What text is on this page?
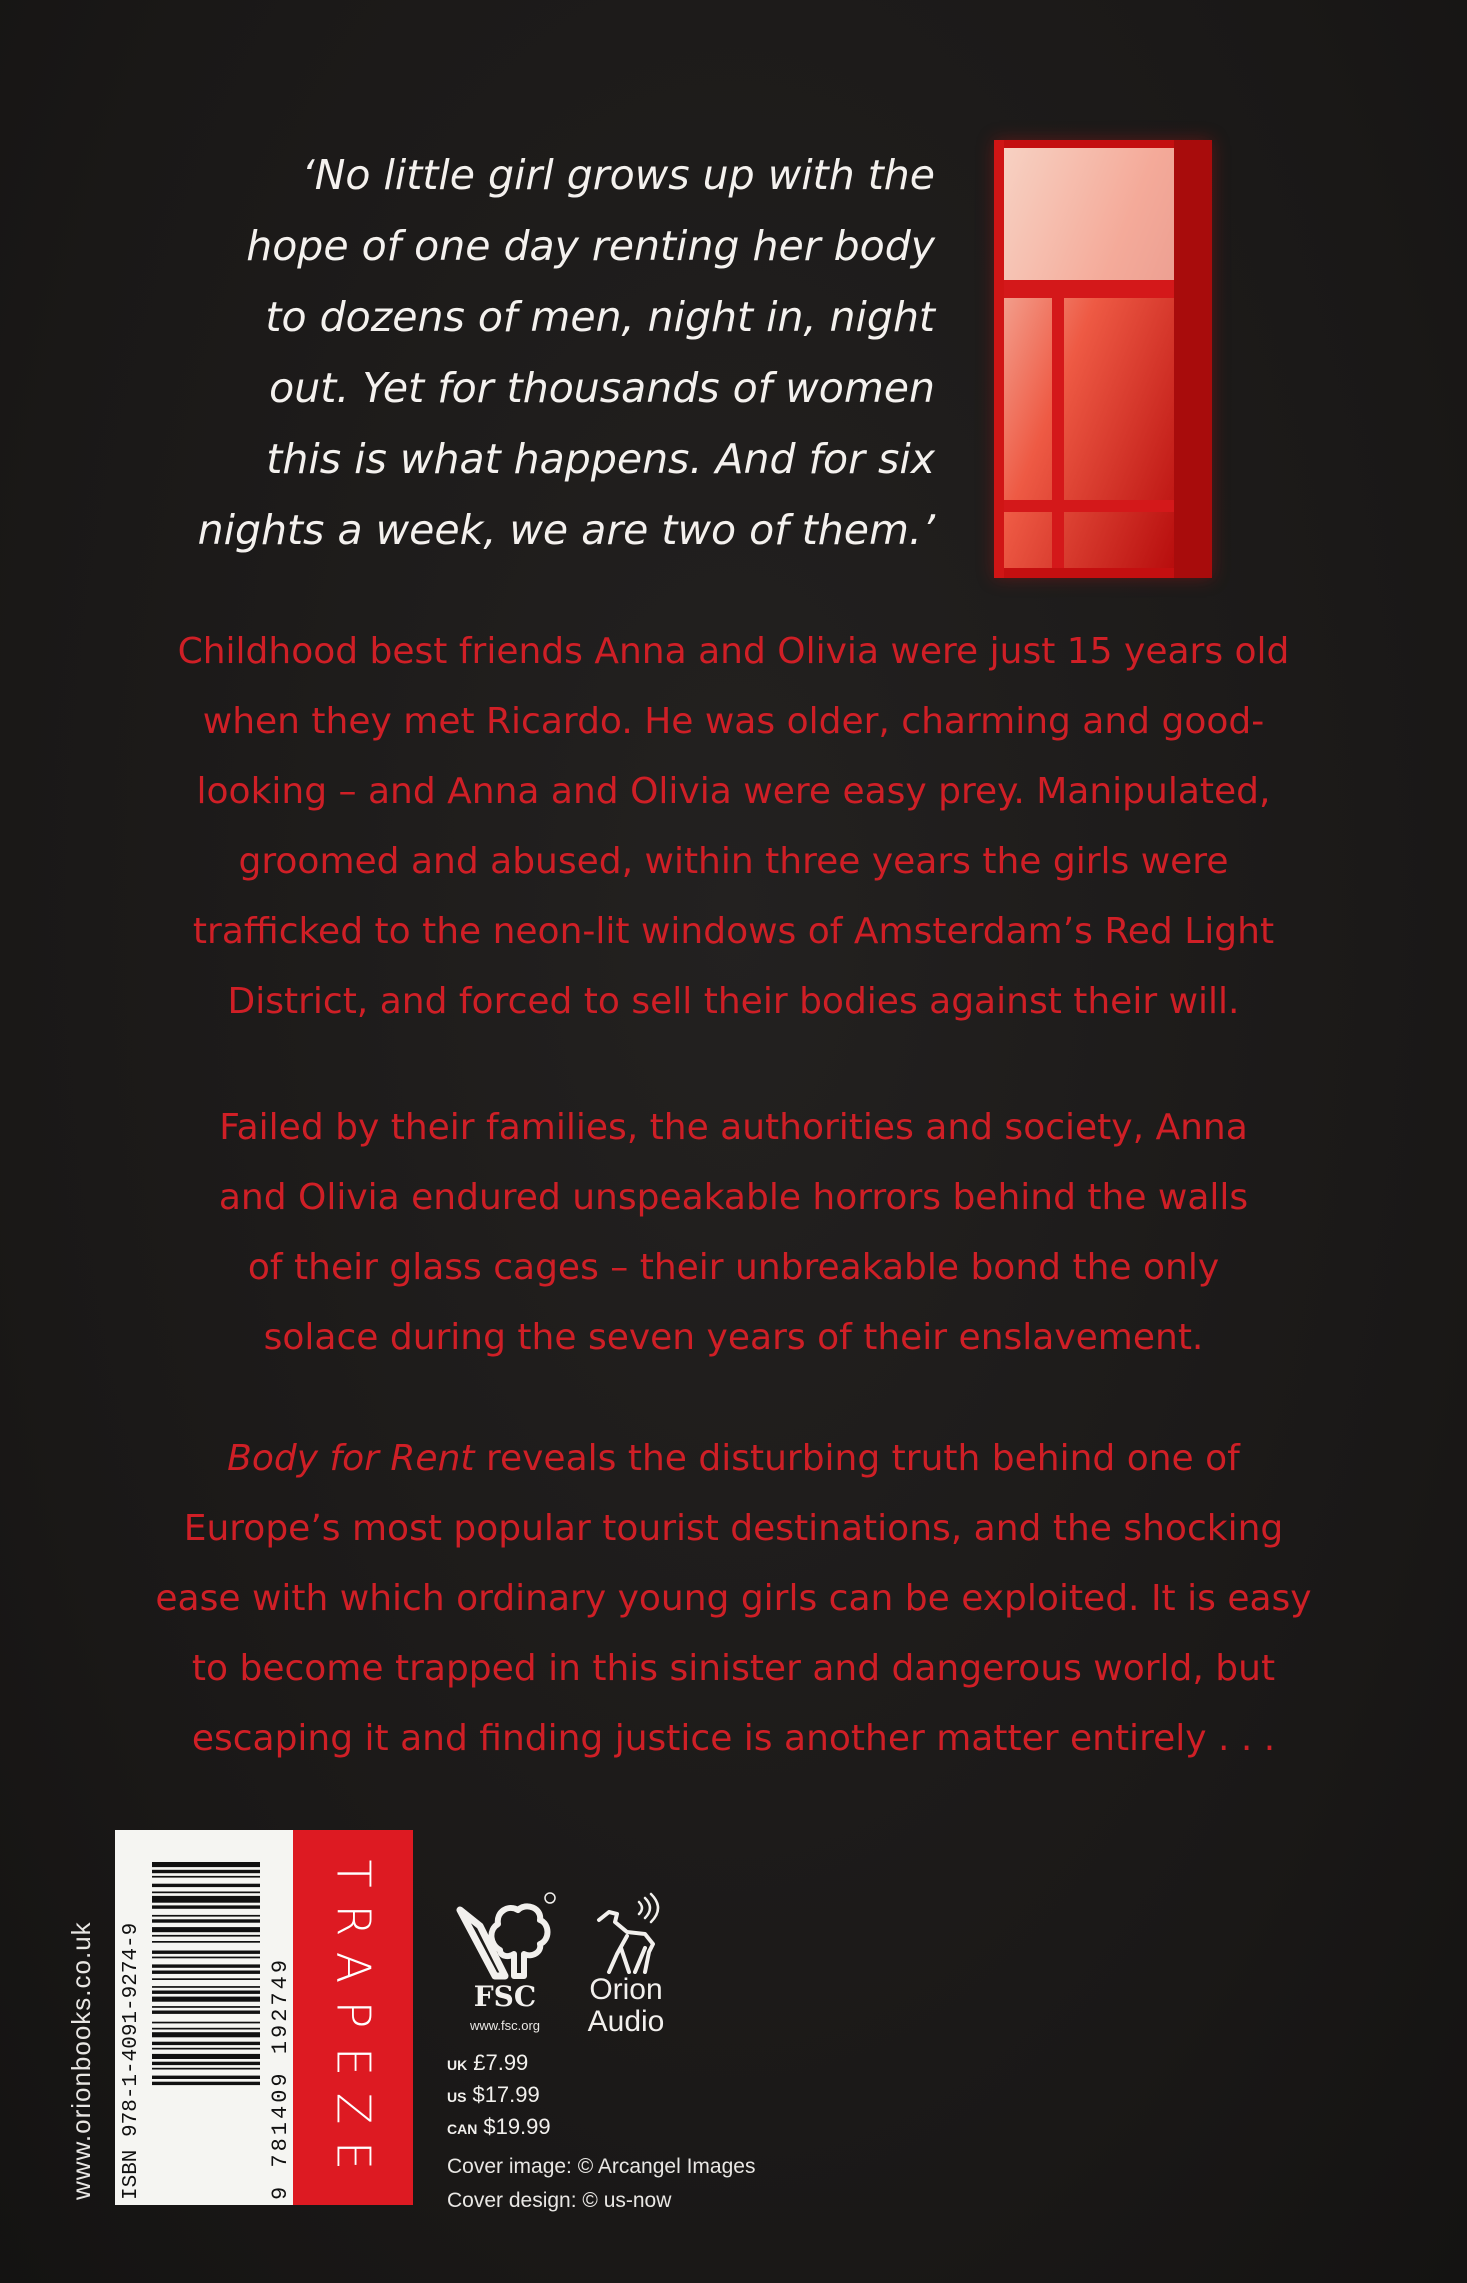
‘No little girl grows up with the
hope of one day renting her body
to dozens of men, night in, night
out. Yet for thousands of women
this is what happens. And for six
nights a week, we are two of them.’

Childhood best friends Anna and Olivia were just 15 years old
when they met Ricardo. He was older, charming and good-
looking – and Anna and Olivia were easy prey. Manipulated,
groomed and abused, within three years the girls were
trafficked to the neon-lit windows of Amsterdam’s Red Light
District, and forced to sell their bodies against their will.

Failed by their families, the authorities and society, Anna
and Olivia endured unspeakable horrors behind the walls
of their glass cages – their unbreakable bond the only
solace during the seven years of their enslavement.

Body for Rent reveals the disturbing truth behind one of
Europe’s most popular tourist destinations, and the shocking
ease with which ordinary young girls can be exploited. It is easy
to become trapped in this sinister and dangerous world, but
escaping it and finding justice is another matter entirely . . .

www.orionbooks.co.uk ISBN 978-1-4091-9274-9	9 781409 192749
T
R
A
P
E
Z
E
FSC
www.fsc.org
Orion
Audio
UK £7.99
US $17.99
CAN $19.99
Cover image: © Arcangel Images
Cover design: © us-now
